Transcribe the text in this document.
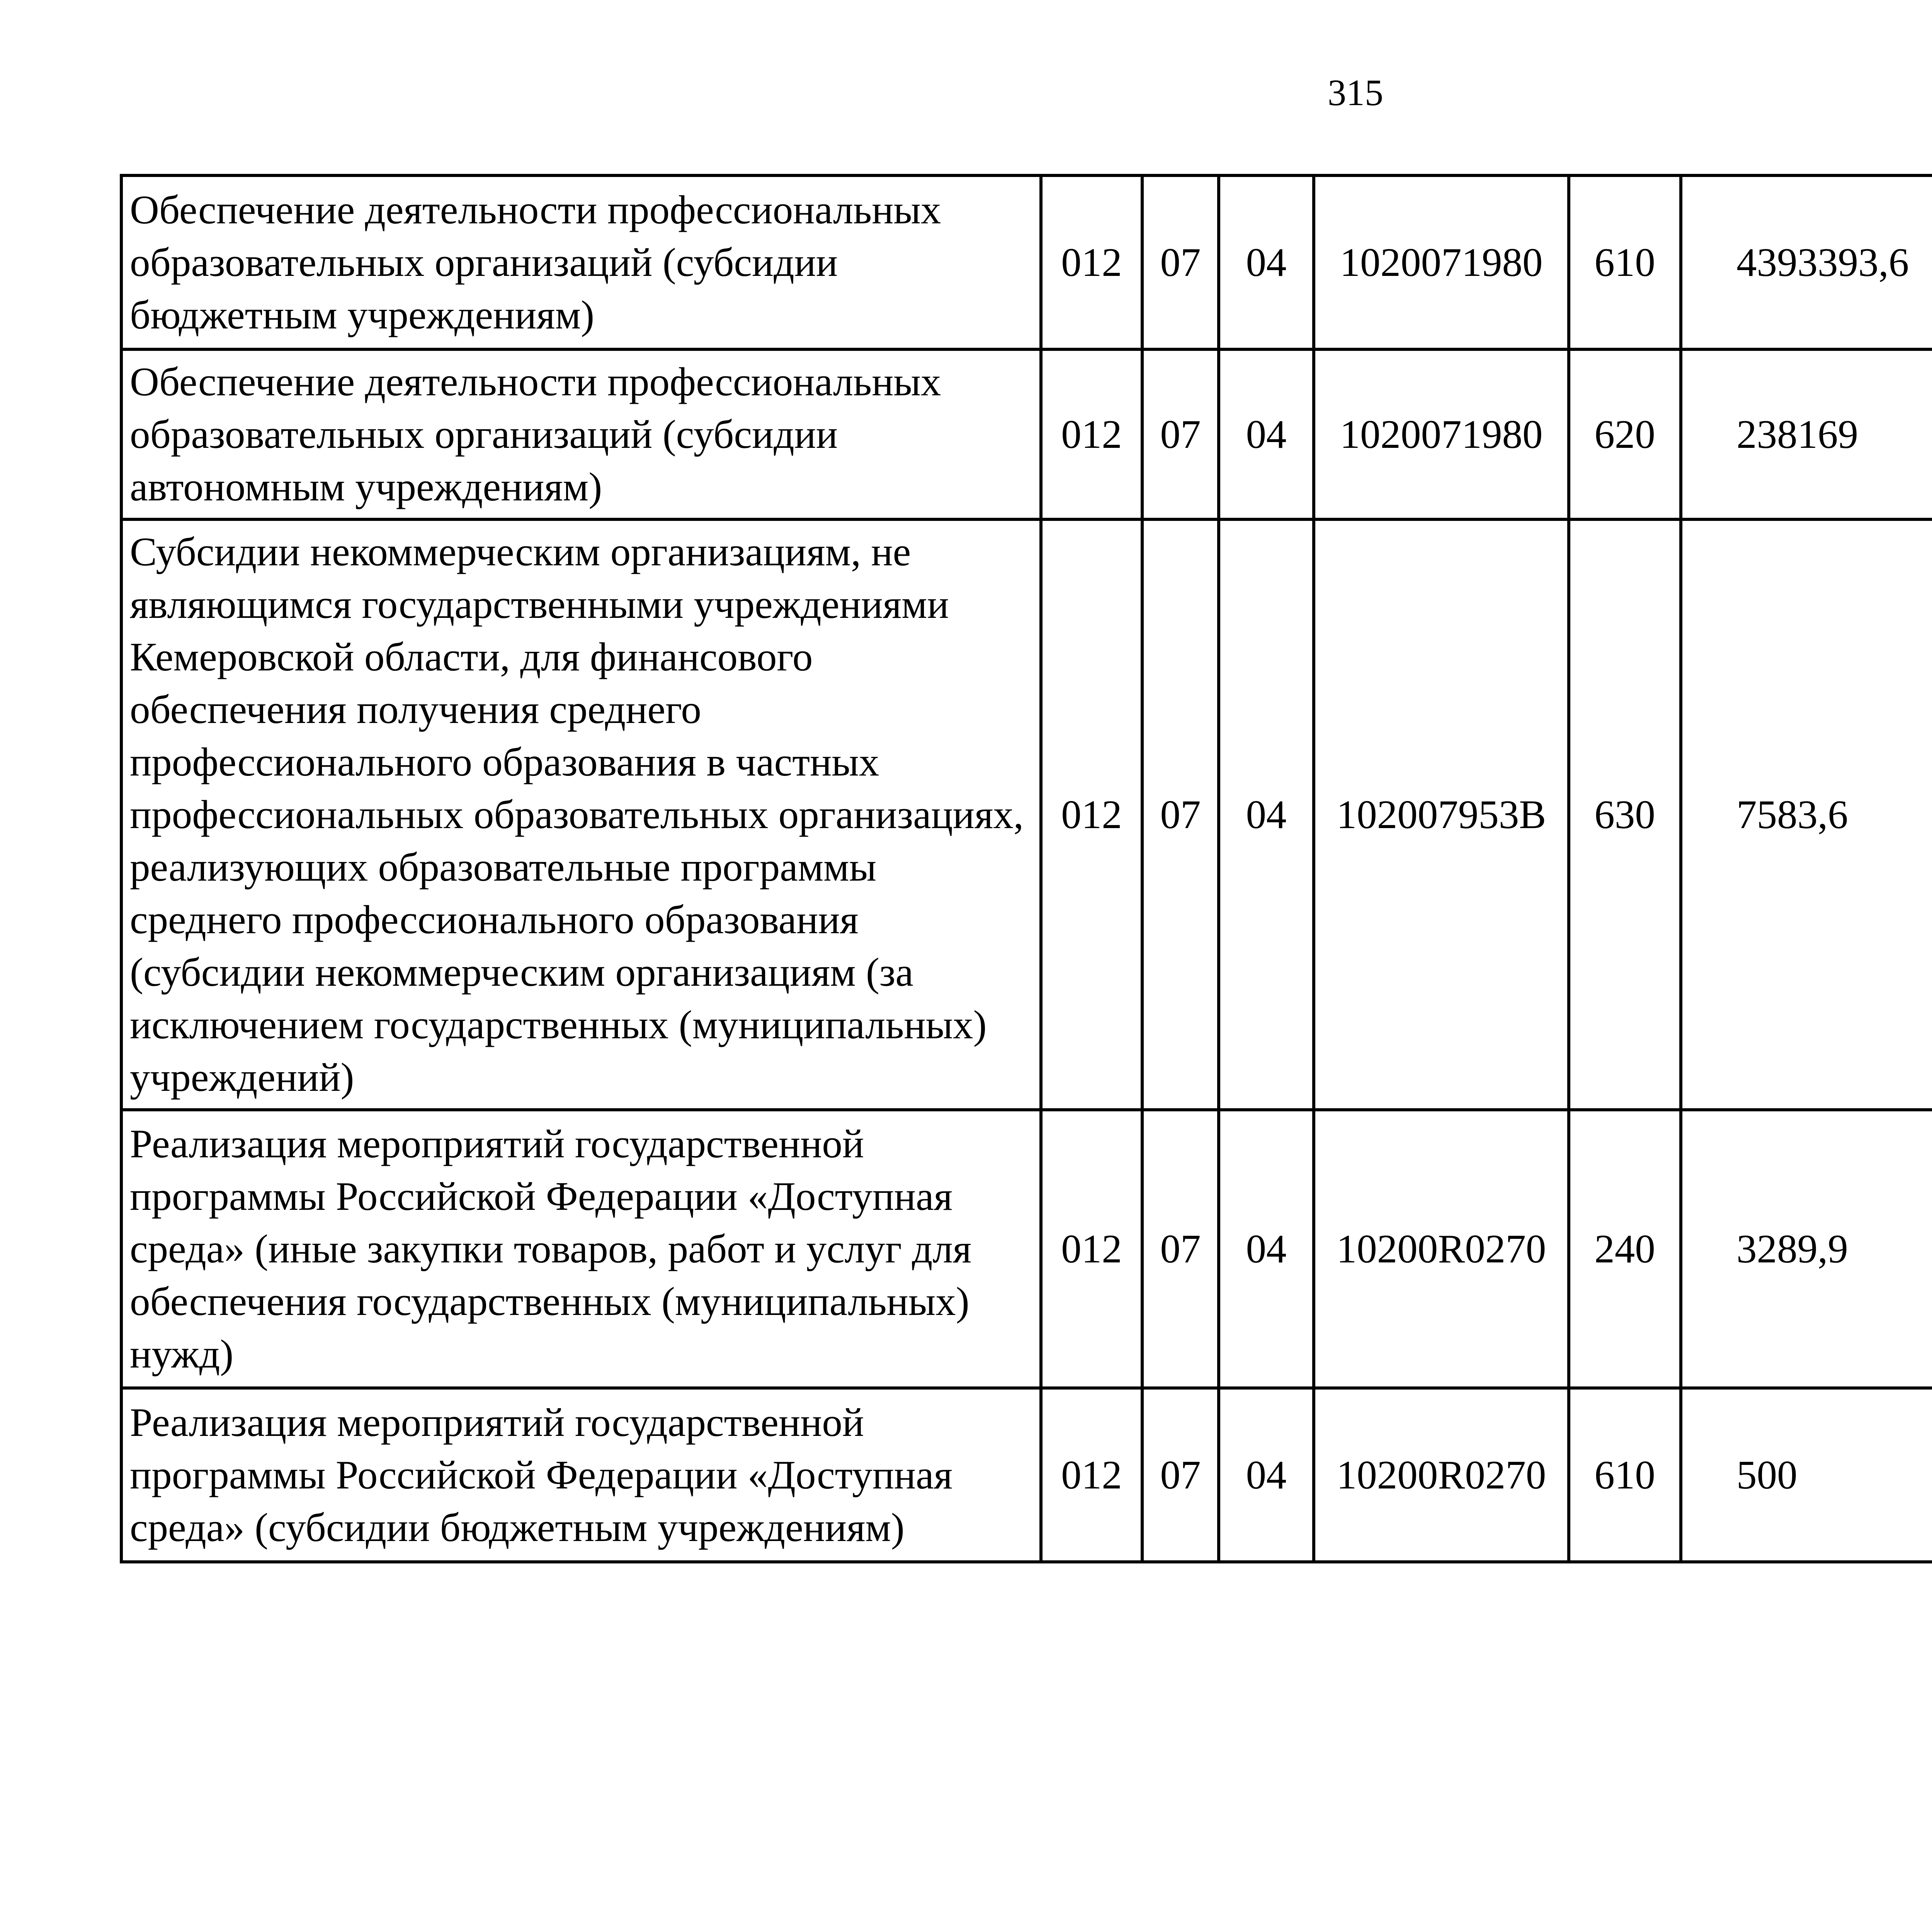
315
Обеспечение деятельности профессиональных образовательных организаций (субсидии бюджетным учреждениям)	012	07	04	1020071980	610	4393393,6		
Обеспечение деятельности профессиональных образовательных организаций (субсидии автономным учреждениям)	012	07	04	1020071980	620	238169		
Субсидии некоммерческим организациям, не являющимся государственными учреждениями Кемеровской области, для финансового обеспечения получения среднего профессионального образования в частных профессиональных образовательных организациях, реализующих образовательные программы среднего профессионального образования (субсидии некоммерческим организациям (за исключением государственных (муниципальных) учреждений)	012	07	04	102007953В	630	7583,6		
Реализация мероприятий государственной программы Российской Федерации «Доступная среда» (иные закупки товаров, работ и услуг для обеспечения государственных (муниципальных) нужд)	012	07	04	10200R0270	240	3289,9		
Реализация мероприятий государственной программы Российской Федерации «Доступная среда» (субсидии бюджетным учреждениям)	012	07	04	10200R0270	610	500		
